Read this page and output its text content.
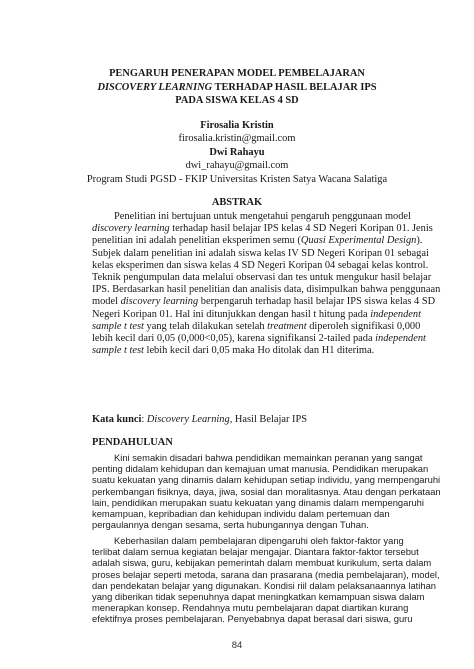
PENGARUH PENERAPAN MODEL PEMBELAJARAN
DISCOVERY LEARNING TERHADAP HASIL BELAJAR IPS
PADA SISWA KELAS 4 SD
Firosalia Kristin
firosalia.kristin@gmail.com
Dwi Rahayu
dwi_rahayu@gmail.com
Program Studi PGSD - FKIP Universitas Kristen Satya Wacana Salatiga
ABSTRAK
Penelitian ini bertujuan untuk mengetahui pengaruh penggunaan model
discovery learning terhadap hasil belajar IPS kelas 4 SD Negeri Koripan 01. Jenis
penelitian ini adalah penelitian eksperimen semu (Quasi Experimental Design).
Subjek dalam penelitian ini adalah siswa kelas IV SD Negeri Koripan 01 sebagai
kelas eksperimen dan siswa kelas 4 SD Negeri Koripan 04 sebagai kelas kontrol.
Teknik pengumpulan data melalui observasi dan tes untuk mengukur hasil belajar
IPS. Berdasarkan hasil penelitian dan analisis data, disimpulkan bahwa penggunaan
model discovery learning berpengaruh terhadap hasil belajar IPS siswa kelas 4 SD
Negeri Koripan 01. Hal ini ditunjukkan dengan hasil t hitung pada independent
sample t test yang telah dilakukan setelah treatment diperoleh signifikasi 0,000
lebih kecil dari 0,05 (0,000<0,05), karena signifikansi 2-tailed pada independent
sample t test lebih kecil dari 0,05 maka Ho ditolak dan H1 diterima.
Kata kunci: Discovery Learning, Hasil Belajar IPS
PENDAHULUAN
Kini semakin disadari bahwa pendidikan memainkan peranan yang sangat
penting didalam kehidupan dan kemajuan umat manusia. Pendidikan merupakan
suatu kekuatan yang dinamis dalam kehidupan setiap individu, yang mempengaruhi
perkembangan fisiknya, daya, jiwa, sosial dan moralitasnya. Atau dengan perkataan
lain, pendidikan merupakan suatu kekuatan yang dinamis dalam mempengaruhi
kemampuan, kepribadian dan kehidupan individu dalam pertemuan dan
pergaulannya dengan sesama, serta hubungannya dengan Tuhan.
Keberhasilan dalam pembelajaran dipengaruhi oleh faktor-faktor yang
terlibat dalam semua kegiatan belajar mengajar. Diantara faktor-faktor tersebut
adalah siswa, guru, kebijakan pemerintah dalam membuat kurikulum, serta dalam
proses belajar seperti metoda, sarana dan prasarana (media pembelajaran), model,
dan pendekatan belajar yang digunakan. Kondisi riil dalam pelaksanaannya latihan
yang diberikan tidak sepenuhnya dapat meningkatkan kemampuan siswa dalam
menerapkan konsep. Rendahnya mutu pembelajaran dapat diartikan kurang
efektifnya proses pembelajaran. Penyebabnya dapat berasal dari siswa, guru
84
